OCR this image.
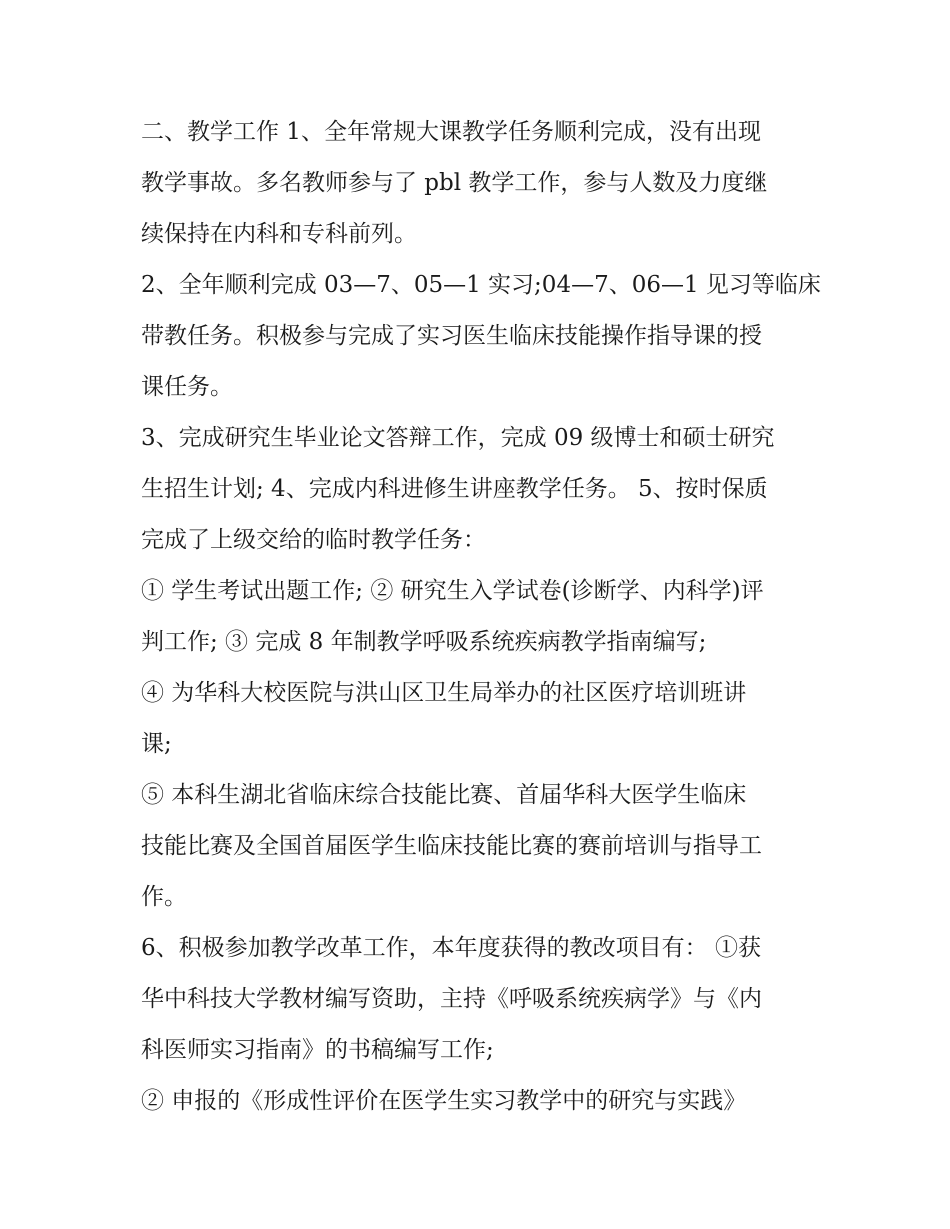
二、教学工作 1、全年常规大课教学任务顺利完成，没有出现
教学事故。多名教师参与了 pbl 教学工作，参与人数及力度继
续保持在内科和专科前列。

2、全年顺利完成 03—7、05—1 实习;04—7、06—1 见习等临床
带教任务。积极参与完成了实习医生临床技能操作指导课的授
课任务。

3、完成研究生毕业论文答辩工作，完成 09 级博士和硕士研究
生招生计划; 4、完成内科进修生讲座教学任务。 5、按时保质
完成了上级交给的临时教学任务：

① 学生考试出题工作; ② 研究生入学试卷(诊断学、内科学)评
判工作; ③ 完成 8 年制教学呼吸系统疾病教学指南编写;

④ 为华科大校医院与洪山区卫生局举办的社区医疗培训班讲
课;

⑤ 本科生湖北省临床综合技能比赛、首届华科大医学生临床
技能比赛及全国首届医学生临床技能比赛的赛前培训与指导工
作。

6、积极参加教学改革工作，本年度获得的教改项目有： ①获
华中科技大学教材编写资助，主持《呼吸系统疾病学》与《内
科医师实习指南》的书稿编写工作;

② 申报的《形成性评价在医学生实习教学中的研究与实践》
